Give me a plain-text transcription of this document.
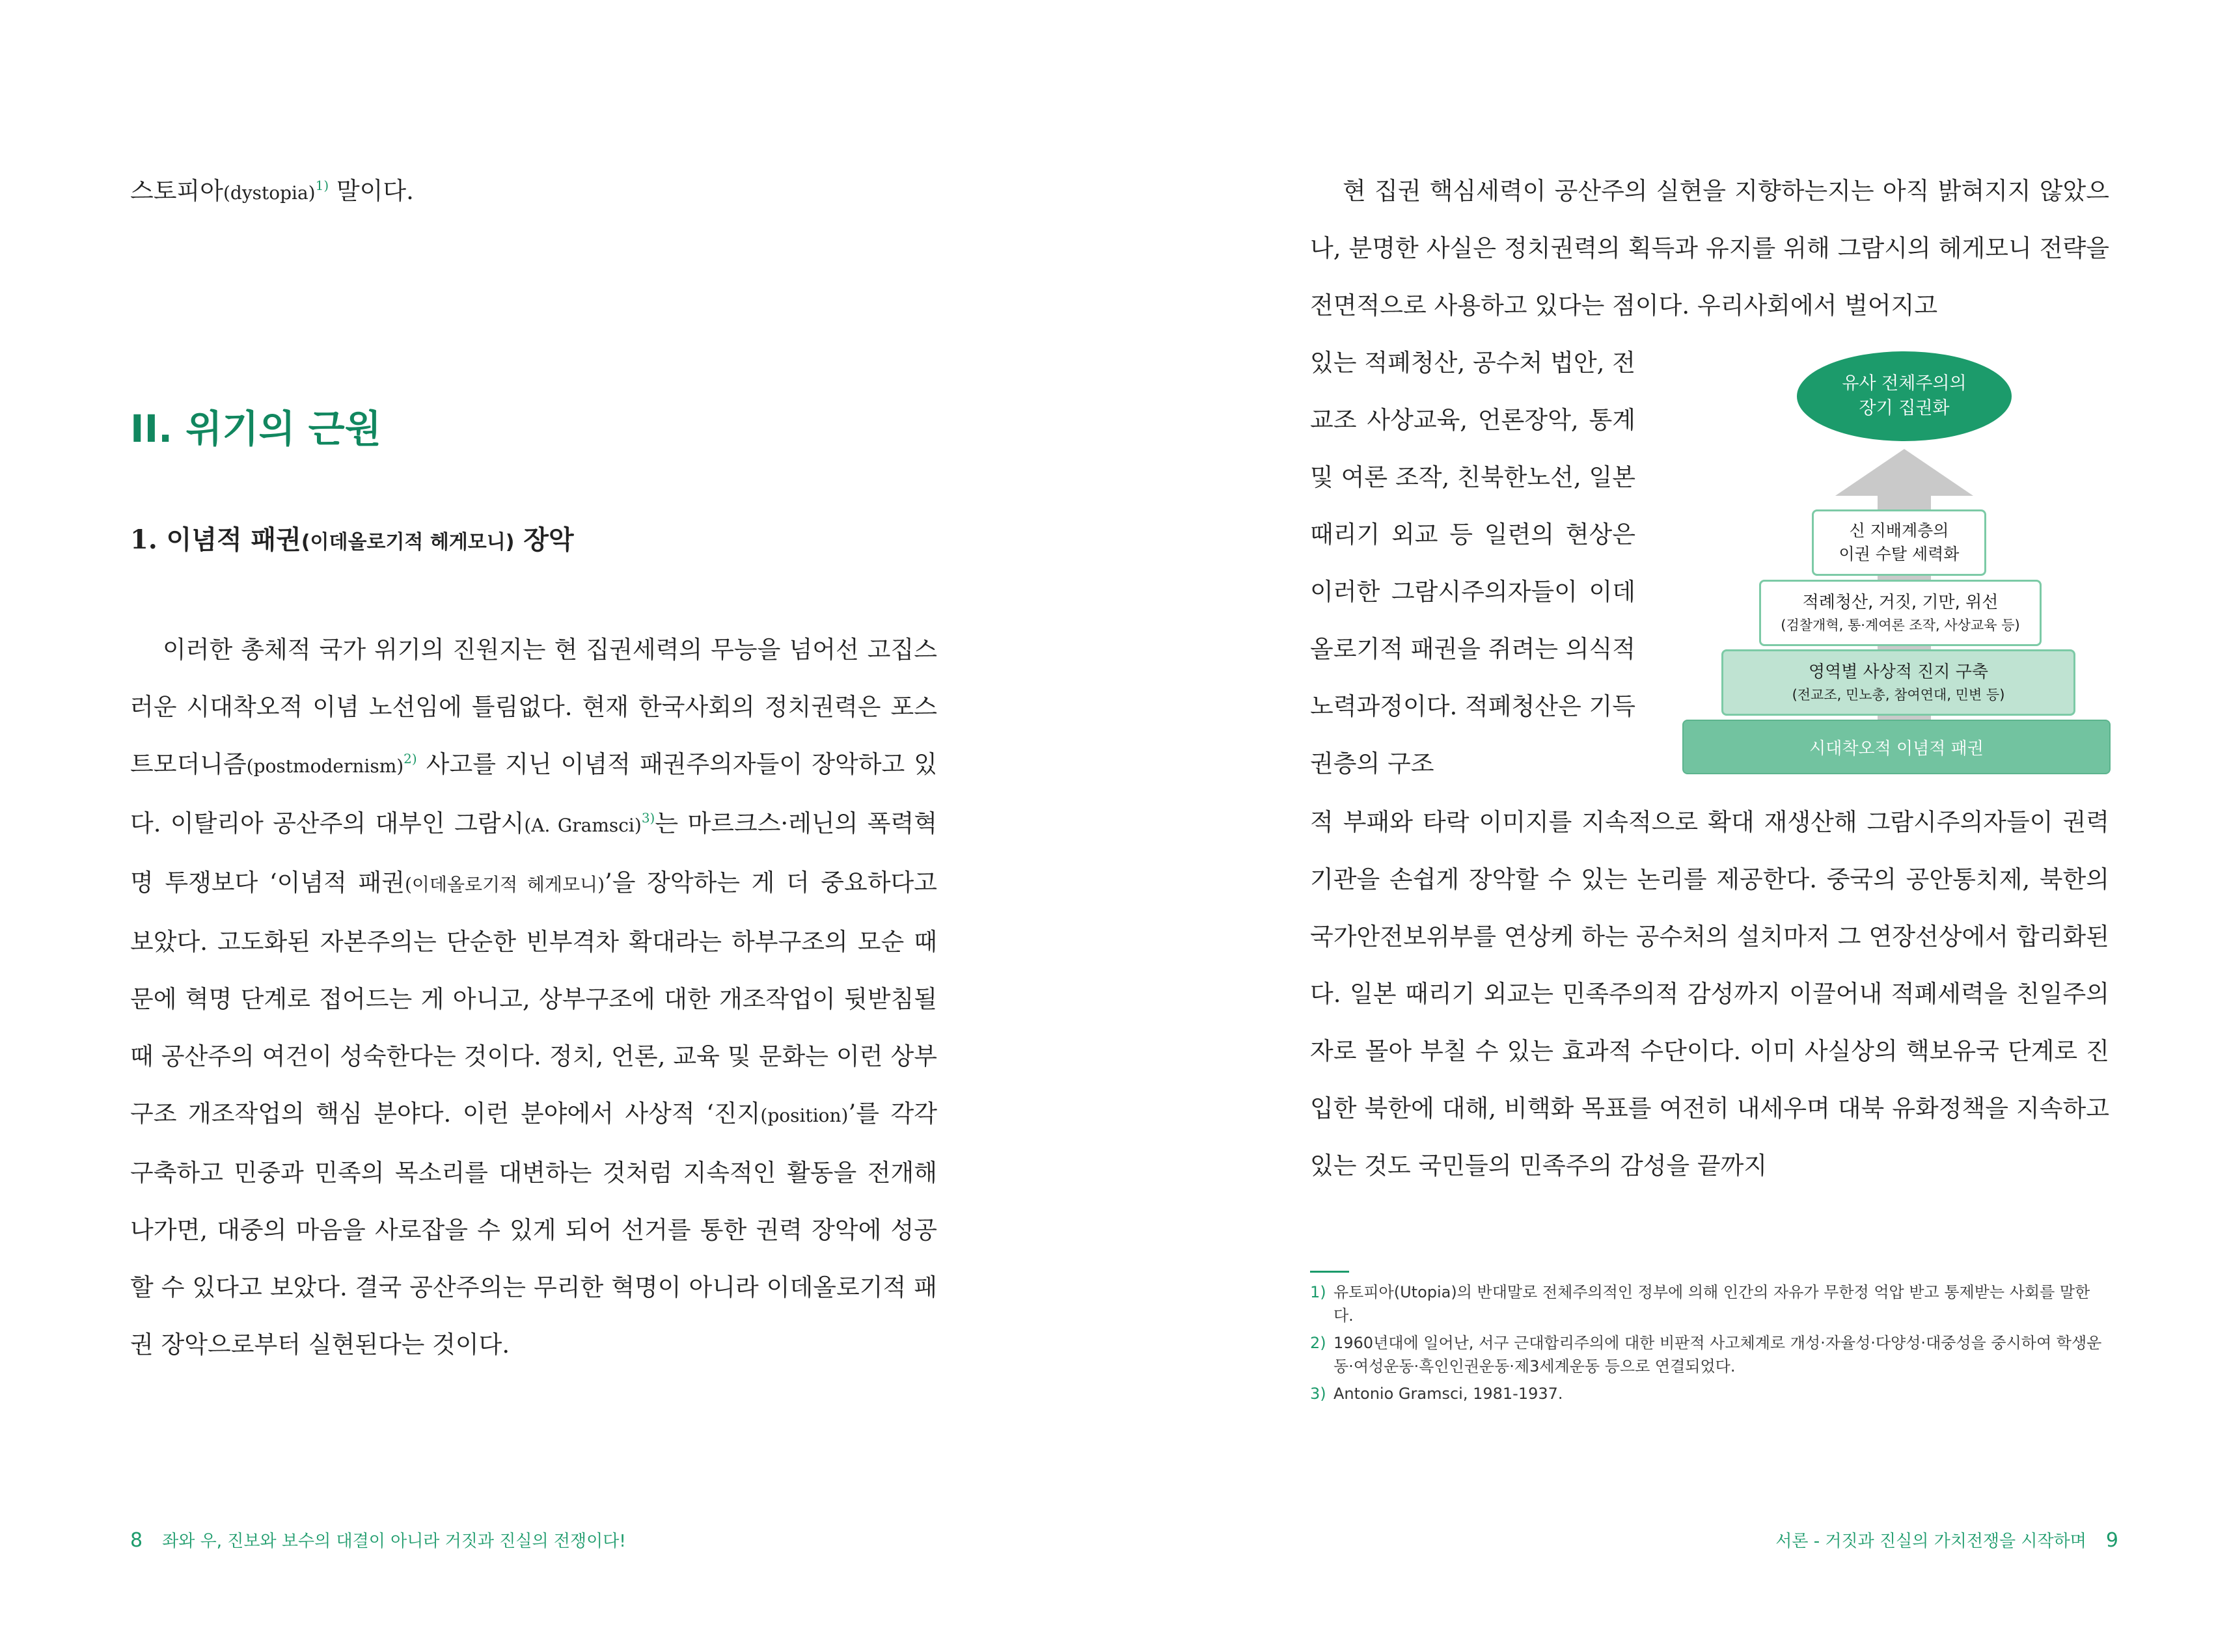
스토피아(dystopia)$^{1)}$ 말이다.

II. 위기의 근원
1. 이념적 패권(이데올로기적 헤게모니) 장악

이러한 총체적 국가 위기의 진원지는 현 집권세력의 무능을 넘어선 고집스러운 시대착오적 이념 노선임에 틀림없다. 현재 한국사회의 정치권력은 포스트모더니즘(postmodernism)$^{2)}$ 사고를 지닌 이념적 패권주의자들이 장악하고 있다. 이탈리아 공산주의 대부인 그람시(A. Gramsci)$^{3)}$는 마르크스·레닌의 폭력혁명 투쟁보다 ‘이념적 패권(이데올로기적 헤게모니)’을 장악하는 게 더 중요하다고 보았다. 고도화된 자본주의는 단순한 빈부격차 확대라는 하부구조의 모순 때문에 혁명 단계로 접어드는 게 아니고, 상부구조에 대한 개조작업이 뒷받침될 때 공산주의 여건이 성숙한다는 것이다. 정치, 언론, 교육 및 문화는 이런 상부구조 개조작업의 핵심 분야다. 이런 분야에서 사상적 ‘진지(position)’를 각각 구축하고 민중과 민족의 목소리를 대변하는 것처럼 지속적인 활동을 전개해 나가면, 대중의 마음을 사로잡을 수 있게 되어 선거를 통한 권력 장악에 성공할 수 있다고 보았다. 결국 공산주의는 무리한 혁명이 아니라 이데올로기적 패권 장악으로부터 실현된다는 것이다.

8 좌와 우, 진보와 보수의 대결이 아니라 거짓과 진실의 전쟁이다!

현 집권 핵심세력이 공산주의 실현을 지향하는지는 아직 밝혀지지 않았으나, 분명한 사실은 정치권력의 획득과 유지를 위해 그람시의 헤게모니 전략을 전면적으로 사용하고 있다는 점이다. 우리사회에서 벌어지고

있는 적폐청산, 공수처 법안, 전교조 사상교육, 언론장악, 통계 및 여론 조작, 친북한노선, 일본 때리기 외교 등 일련의 현상은 이러한 그람시주의자들이 이데올로기적 패권을 쥐려는 의식적 노력과정이다. 적폐청산은 기득권층의 구조

유사 전체주의의
장기 집권화
신 지배계층의
이권 수탈 세력화
적례청산, 거짓, 기만, 위선
(검찰개혁, 통·계여론 조작, 사상교육 등)
영역별 사상적 진지 구축
(전교조, 민노총, 참여연대, 민변 등)
시대착오적 이념적 패권

적 부패와 타락 이미지를 지속적으로 확대 재생산해 그람시주의자들이 권력기관을 손쉽게 장악할 수 있는 논리를 제공한다. 중국의 공안통치제, 북한의 국가안전보위부를 연상케 하는 공수처의 설치마저 그 연장선상에서 합리화된다. 일본 때리기 외교는 민족주의적 감성까지 이끌어내 적폐세력을 친일주의자로 몰아 부칠 수 있는 효과적 수단이다. 이미 사실상의 핵보유국 단계로 진입한 북한에 대해, 비핵화 목표를 여전히 내세우며 대북 유화정책을 지속하고 있는 것도 국민들의 민족주의 감성을 끝까지

1) 유토피아(Utopia)의 반대말로 전체주의적인 정부에 의해 인간의 자유가 무한정 억압 받고 통제받는 사회를 말한다.
2) 1960년대에 일어난, 서구 근대합리주의에 대한 비판적 사고체계로 개성·자율성·다양성·대중성을 중시하여 학생운동·여성운동·흑인인권운동·제3세계운동 등으로 연결되었다.
3) Antonio Gramsci, 1981-1937.
서론 - 거짓과 진실의 가치전쟁을 시작하며 9
